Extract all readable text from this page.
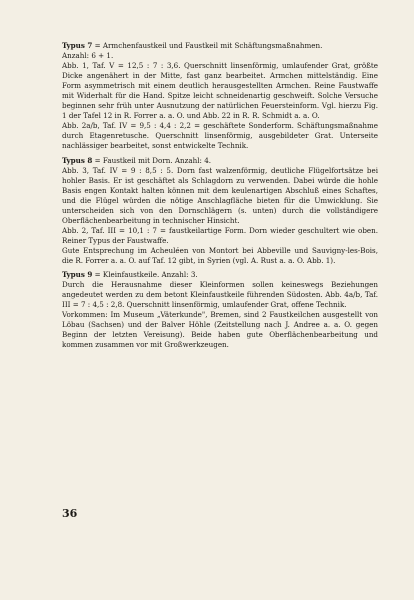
Typus 7 = Armchenfaustkeil und Faustkeil mit Schäftungsmaßnahmen.

Anzahl: 6 + 1.

Abb. 1, Taf. V = 12,5 : 7 : 3,6. Querschnitt linsenförmig, umlaufender Grat, größte Dicke angenähert in der Mitte, fast ganz bearbeitet. Armchen mittelständig. Eine Form asymmetrisch mit einem deutlich herausgestellten Armchen. Reine Faustwaffe mit Widerhalt für die Hand. Spitze leicht schneidenartig geschweift. Solche Versuche beginnen sehr früh unter Ausnutzung der natürlichen Feuersteinform. Vgl. hierzu Fig. 1 der Tafel 12 in R. Forrer a. a. O. und Abb. 22 in R. R. Schmidt a. a. O.

Abb. 2a/b, Taf. IV = 9,5 : 4,4 : 2,2 = geschäftete Sonderform. Schäftungsmaßnahme durch Etagenretusche. Querschnitt linsenförmig, ausgebildeter Grat. Unterseite nachlässiger bearbeitet, sonst entwickelte Technik.

Typus 8 = Faustkeil mit Dorn. Anzahl: 4.

Abb. 3, Taf. IV = 9 : 8,5 : 5. Dorn fast walzenförmig, deutliche Flügelfortsätze bei hohler Basis. Er ist geschäftet als Schlagdorn zu verwenden. Dabei würde die hohle Basis engen Kontakt halten können mit dem keulenartigen Abschluß eines Schaftes, und die Flügel würden die nötige Anschlagfläche bieten für die Umwicklung. Sie unterscheiden sich von den Dornschlägern (s. unten) durch die vollständigere Oberflächenbearbeitung in technischer Hinsicht.

Abb. 2, Taf. III = 10,1 : 7 = faustkeilartige Form. Dorn wieder geschultert wie oben. Reiner Typus der Faustwaffe.

Gute Entsprechung im Acheuléen von Montort bei Abbeville und Sauvigny-les-Bois, die R. Forrer a. a. O. auf Taf. 12 gibt, in Syrien (vgl. A. Rust a. a. O. Abb. 1).

Typus 9 = Kleinfaustkeile. Anzahl: 3.

Durch die Herausnahme dieser Kleinformen sollen keineswegs Beziehungen angedeutet werden zu dem betont Kleinfaustkeile führenden Südosten. Abb. 4a/b, Taf. III = 7 : 4,5 : 2,8. Querschnitt linsenförmig, umlaufender Grat, offene Technik.

Vorkommen: Im Museum „Väterkunde", Bremen, sind 2 Faustkeilchen ausgestellt von Löbau (Sachsen) und der Balver Höhle (Zeitstellung nach J. Andree a. a. O. gegen Beginn der letzten Vereisung). Beide haben gute Oberflächenbearbeitung und kommen zusammen vor mit Großwerkzeugen.

36
